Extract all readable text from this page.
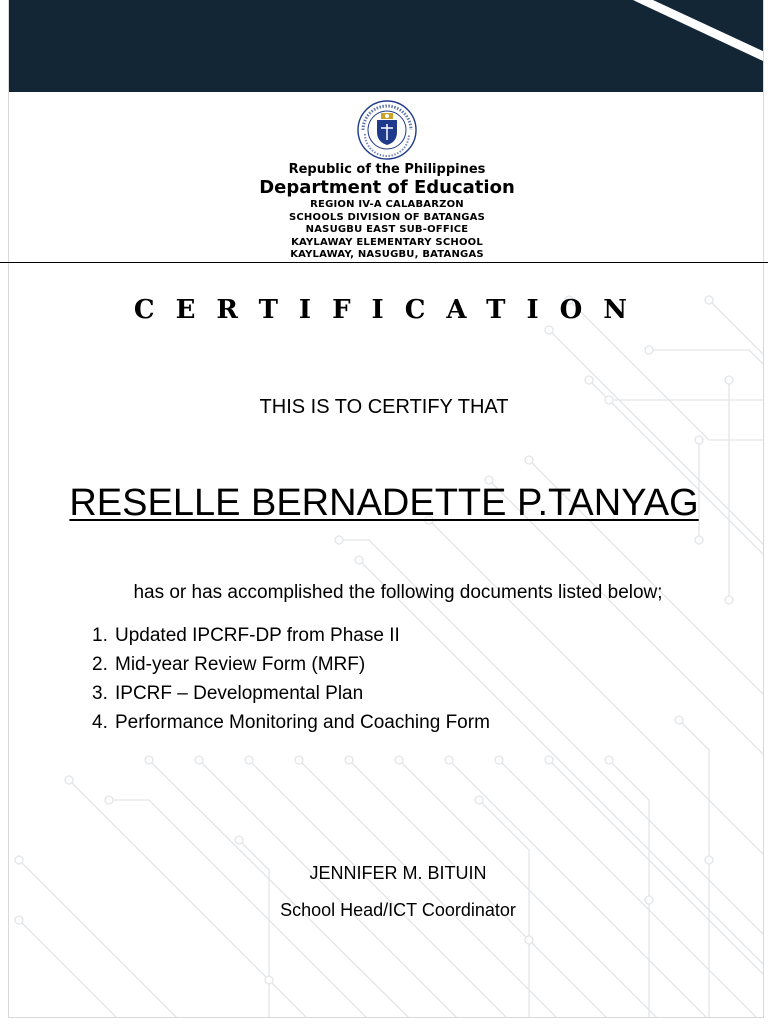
Republic of the Philippines
Department of Education
REGION IV-A CALABARZON
SCHOOLS DIVISION OF BATANGAS
NASUGBU EAST SUB-OFFICE
KAYLAWAY ELEMENTARY SCHOOL
KAYLAWAY, NASUGBU, BATANGAS
CERTIFICATION
THIS IS TO CERTIFY THAT
RESELLE BERNADETTE P.TANYAG
has or has accomplished the following documents listed below;
1. Updated IPCRF-DP from Phase II
2. Mid-year Review Form (MRF)
3. IPCRF – Developmental Plan
4. Performance Monitoring and Coaching Form
JENNIFER M. BITUIN
School Head/ICT Coordinator
